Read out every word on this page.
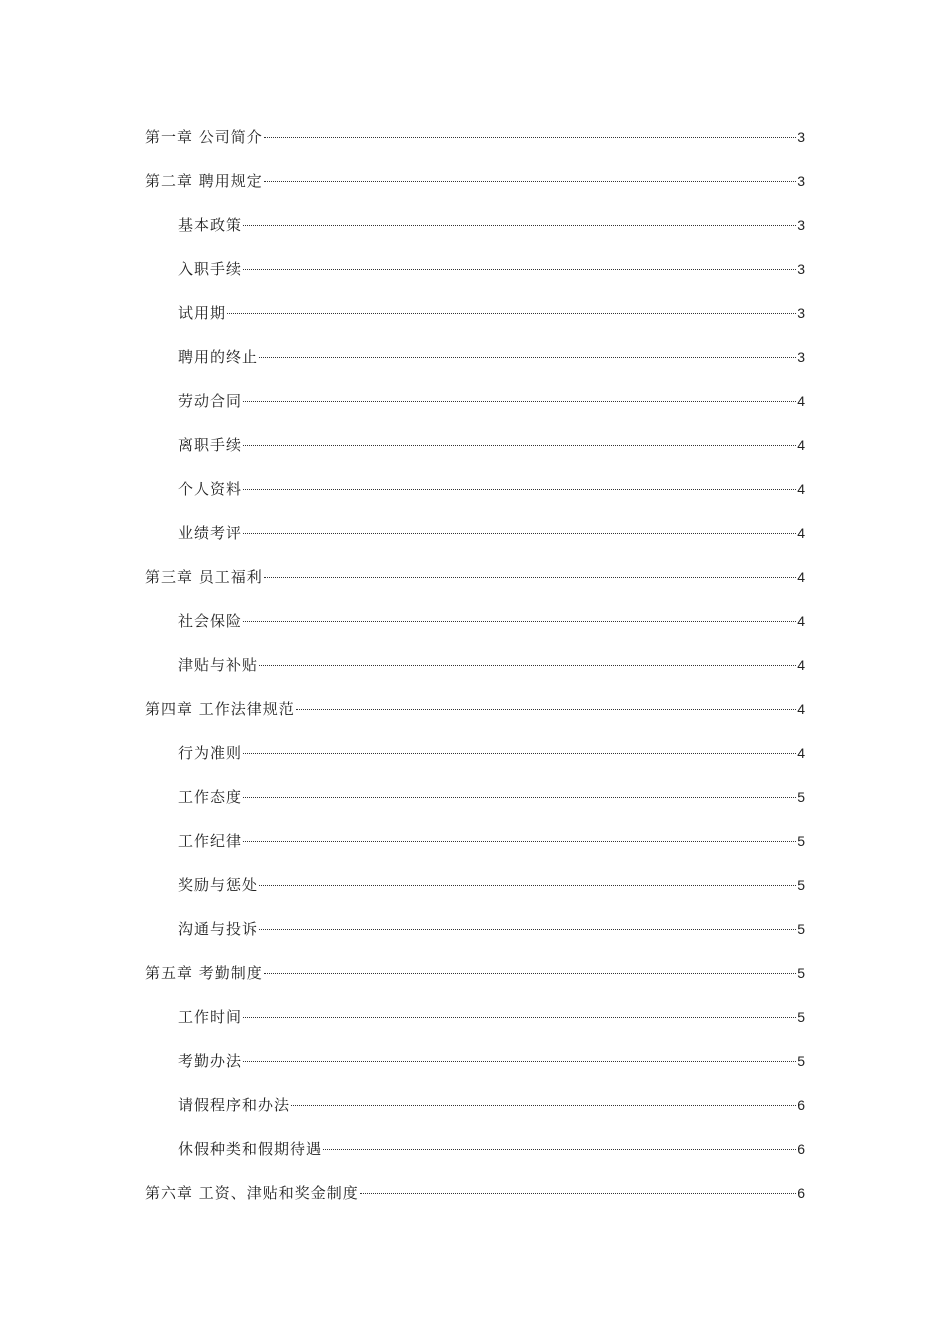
第一章 公司简介	3
第二章 聘用规定	3
基本政策	3
入职手续	3
试用期	3
聘用的终止	3
劳动合同	4
离职手续	4
个人资料	4
业绩考评	4
第三章 员工福利	4
社会保险	4
津贴与补贴	4
第四章 工作法律规范	4
行为准则	4
工作态度	5
工作纪律	5
奖励与惩处	5
沟通与投诉	5
第五章 考勤制度	5
工作时间	5
考勤办法	5
请假程序和办法	6
休假种类和假期待遇	6
第六章 工资、津贴和奖金制度	6
